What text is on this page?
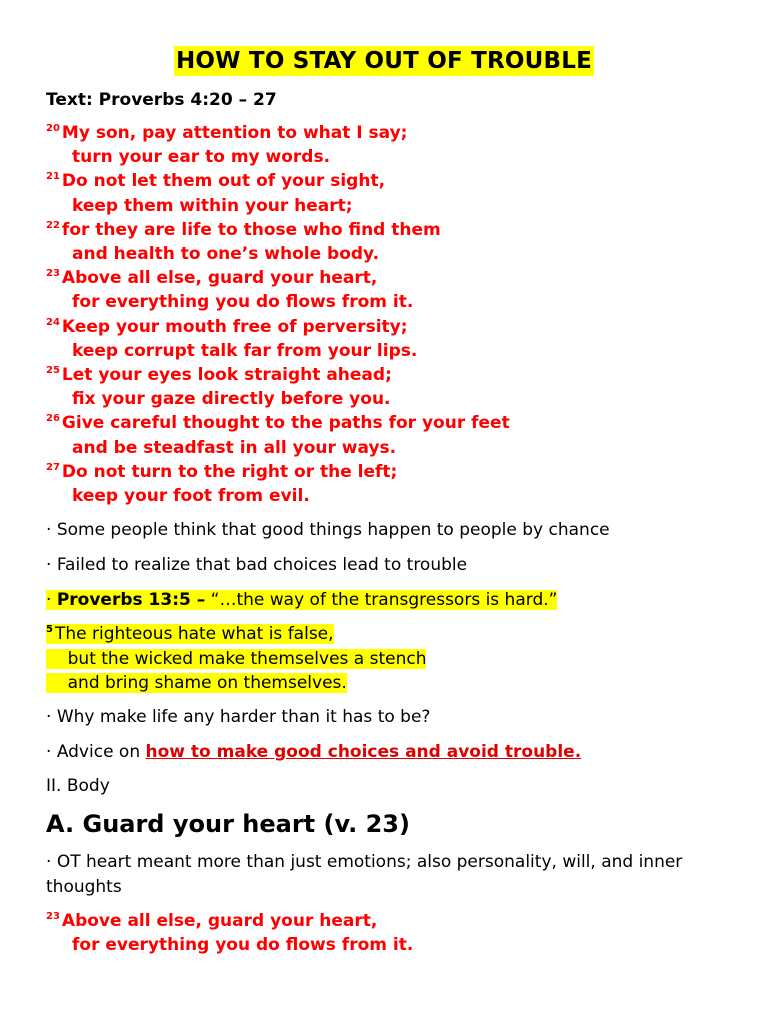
HOW TO STAY OUT OF TROUBLE
Text: Proverbs 4:20 – 27
$^{20}$ My son, pay attention to what I say;
turn your ear to my words.
$^{21}$ Do not let them out of your sight,
keep them within your heart;
$^{22}$ for they are life to those who find them
and health to one’s whole body.
$^{23}$ Above all else, guard your heart,
for everything you do flows from it.
$^{24}$ Keep your mouth free of perversity;
keep corrupt talk far from your lips.
$^{25}$ Let your eyes look straight ahead;
fix your gaze directly before you.
$^{26}$ Give careful thought to the paths for your feet
and be steadfast in all your ways.
$^{27}$ Do not turn to the right or the left;
keep your foot from evil.
· Some people think that good things happen to people by chance
· Failed to realize that bad choices lead to trouble
· Proverbs 13:5 – “…the way of the transgressors is hard.”
$^5$ The righteous hate what is false,
but the wicked make themselves a stench
and bring shame on themselves.
· Why make life any harder than it has to be?
· Advice on how to make good choices and avoid trouble.
II. Body
A. Guard your heart (v. 23)
· OT heart meant more than just emotions; also personality, will, and inner thoughts
$^{23}$ Above all else, guard your heart,
for everything you do flows from it.
